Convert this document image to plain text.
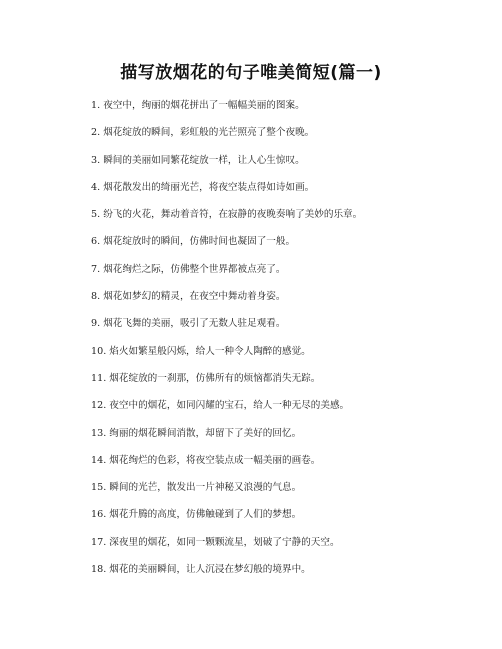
描写放烟花的句子唯美简短(篇一)
1. 夜空中，绚丽的烟花拼出了一幅幅美丽的图案。
2. 烟花绽放的瞬间，彩虹般的光芒照亮了整个夜晚。
3. 瞬间的美丽如同繁花绽放一样，让人心生惊叹。
4. 烟花散发出的绮丽光芒，将夜空装点得如诗如画。
5. 纷飞的火花，舞动着音符，在寂静的夜晚奏响了美妙的乐章。
6. 烟花绽放时的瞬间，仿佛时间也凝固了一般。
7. 烟花绚烂之际，仿佛整个世界都被点亮了。
8. 烟花如梦幻的精灵，在夜空中舞动着身姿。
9. 烟花飞舞的美丽，吸引了无数人驻足观看。
10. 焰火如繁星般闪烁，给人一种令人陶醉的感觉。
11. 烟花绽放的一刹那，仿佛所有的烦恼都消失无踪。
12. 夜空中的烟花，如同闪耀的宝石，给人一种无尽的美感。
13. 绚丽的烟花瞬间消散，却留下了美好的回忆。
14. 烟花绚烂的色彩，将夜空装点成一幅美丽的画卷。
15. 瞬间的光芒，散发出一片神秘又浪漫的气息。
16. 烟花升腾的高度，仿佛触碰到了人们的梦想。
17. 深夜里的烟花，如同一颗颗流星，划破了宁静的天空。
18. 烟花的美丽瞬间，让人沉浸在梦幻般的境界中。
